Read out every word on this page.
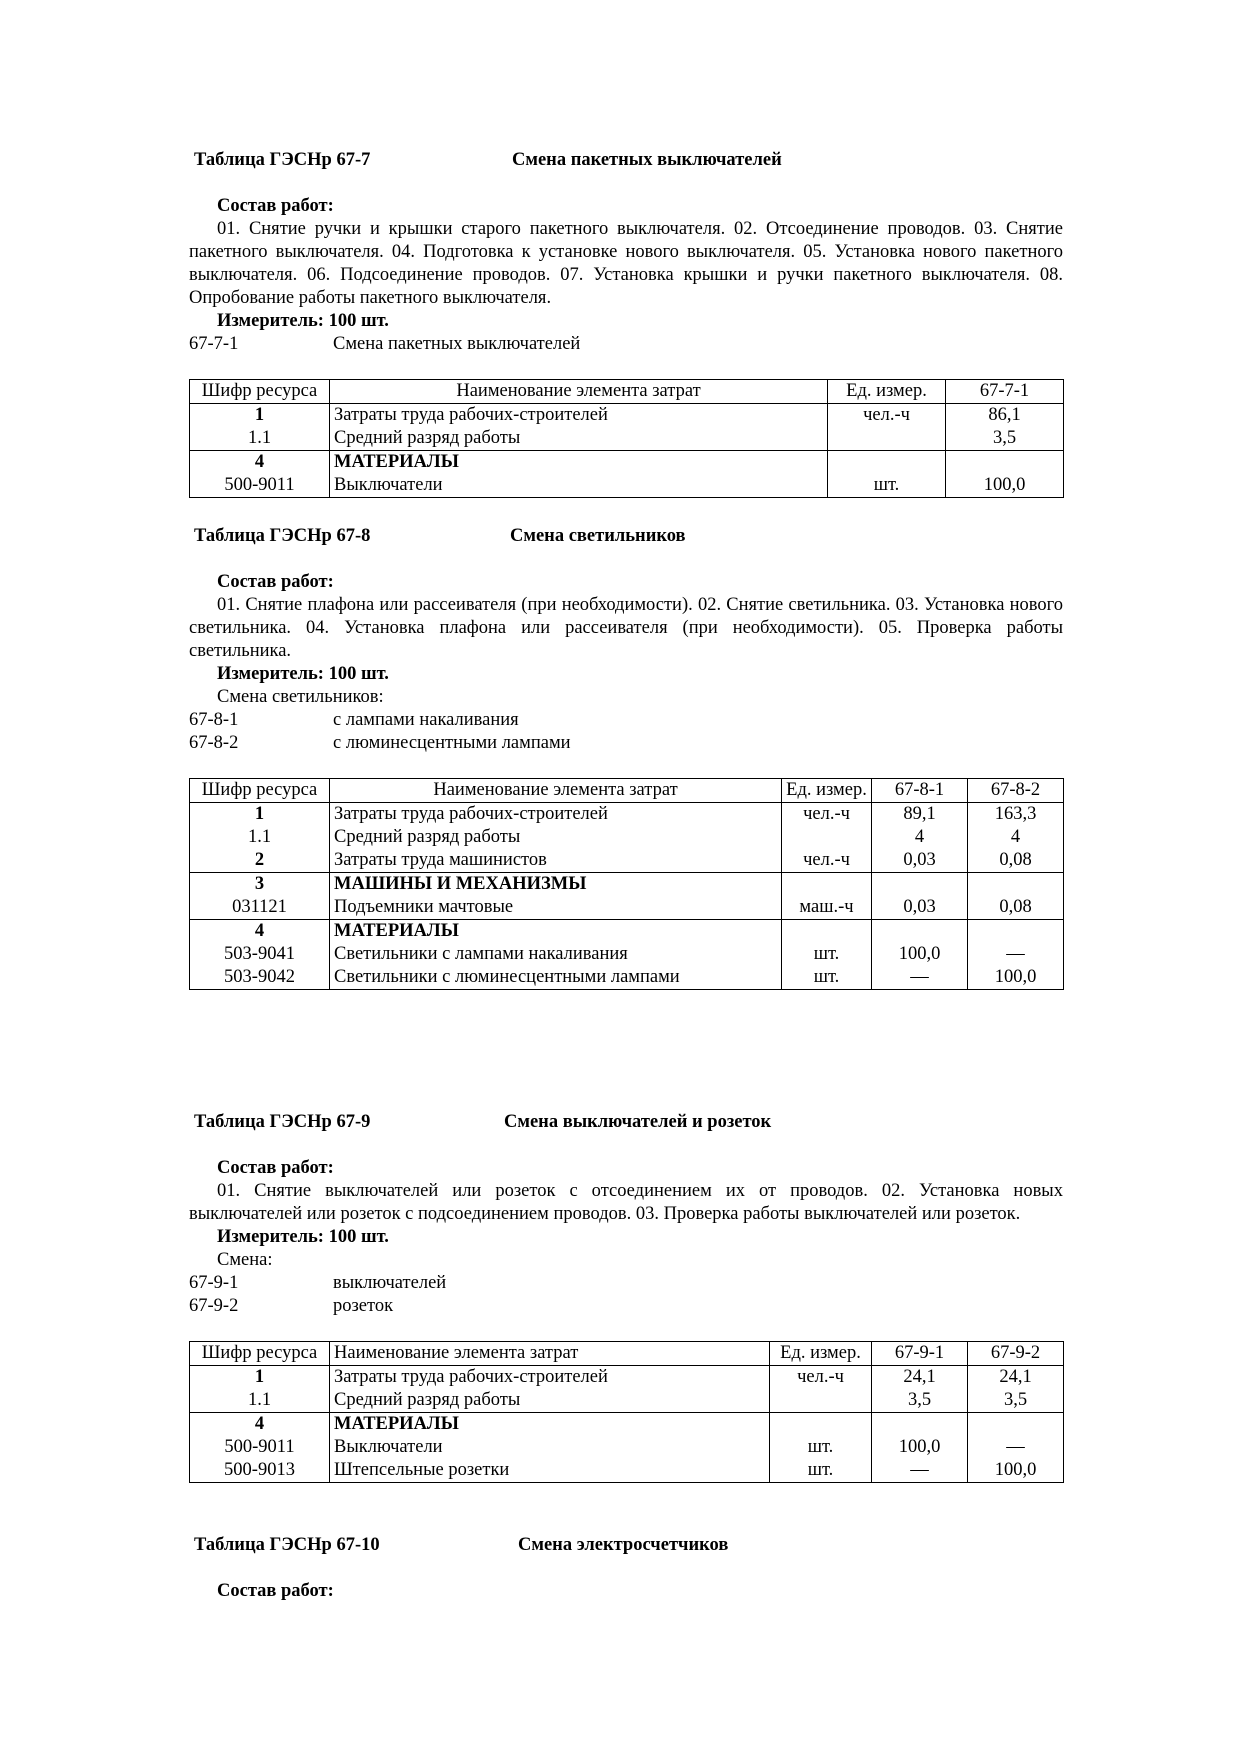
Таблица ГЭСНр 67-7	Смена пакетных выключателей
Состав работ:
01. Снятие ручки и крышки старого пакетного выключателя. 02. Отсоединение проводов. 03. Снятие пакетного выключателя. 04. Подготовка к установке нового выключателя. 05. Установка нового пакетного выключателя. 06. Подсоединение проводов. 07. Установка крышки и ручки пакетного выключателя. 08. Опробование работы пакетного выключателя.
Измеритель: 100 шт.
67-7-1	Смена пакетных выключателей
Шифр ресурса	Наименование элемента затрат	Ед. измер.	67-7-1
1	Затраты труда рабочих-строителей	чел.-ч	86,1
1.1	Средний разряд работы		3,5
4	МАТЕРИАЛЫ		
500-9011	Выключатели	шт.	100,0
Таблица ГЭСНр 67-8	Смена светильников
Состав работ:
01. Снятие плафона или рассеивателя (при необходимости). 02. Снятие светильника. 03. Установка нового светильника. 04. Установка плафона или рассеивателя (при необходимости). 05. Проверка работы светильника.
Измеритель: 100 шт.
Смена светильников:
67-8-1	с лампами накаливания
67-8-2	с люминесцентными лампами
Шифр ресурса	Наименование элемента затрат	Ед. измер.	67-8-1	67-8-2
1	Затраты труда рабочих-строителей	чел.-ч	89,1	163,3
1.1	Средний разряд работы		4	4
2	Затраты труда машинистов	чел.-ч	0,03	0,08
3	МАШИНЫ И МЕХАНИЗМЫ			
031121	Подъемники мачтовые	маш.-ч	0,03	0,08
4	МАТЕРИАЛЫ			
503-9041	Светильники с лампами накаливания	шт.	100,0	—
503-9042	Светильники с люминесцентными лампами	шт.	—	100,0
Таблица ГЭСНр 67-9	Смена выключателей и розеток
Состав работ:
01. Снятие выключателей или розеток с отсоединением их от проводов. 02. Установка новых выключателей или розеток с подсоединением проводов. 03. Проверка работы выключателей или розеток.
Измеритель: 100 шт.
Смена:
67-9-1	выключателей
67-9-2	розеток
Шифр ресурса	Наименование элемента затрат	Ед. измер.	67-9-1	67-9-2
1	Затраты труда рабочих-строителей	чел.-ч	24,1	24,1
1.1	Средний разряд работы		3,5	3,5
4	МАТЕРИАЛЫ			
500-9011	Выключатели	шт.	100,0	—
500-9013	Штепсельные розетки	шт.	—	100,0
Таблица ГЭСНр 67-10	Смена электросчетчиков
Состав работ:
